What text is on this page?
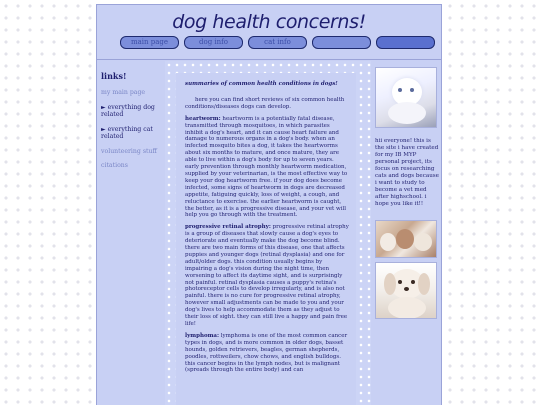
dog health concerns!
main page	dog info	cat info
links!
my main page
► everything dog related
► everything cat related
volunteering stuff
citations

summaries of common health conditions in dogs!

here you can find short reviews of six common health conditions/diseases dogs can develop.

heartworm: heartworm is a potentially fatal disease, transmitted through mosquitoes, in which parasites inhibit a dog's heart, and it can cause heart failure and damage to numerous organs in a dog's body. when an infected mosquito bites a dog, it takes the heartworms about six months to mature, and once mature, they are able to live within a dog's body for up to seven years. early prevention through monthly heartworm medication, supplied by your veterinarian, is the most effective way to keep your dog heartworm free. if your dog does become infected, some signs of heartworm in dogs are decreased appetite, fatiguing quickly, loss of weight, a cough, and reluctance to exercise. the earlier heartworm is caught, the better, as it is a progressive disease, and your vet will help you go through with the treatment.

progressive retinal atrophy: progressive retinal atrophy is a group of diseases that slowly cause a dog's eyes to deteriorate and eventually make the dog become blind. there are two main forms of this disease, one that affects puppies and younger dogs (retinal dysplasia) and one for adult/older dogs. this condition usually begins by impairing a dog's vision during the night time, then worsening to affect its daytime sight, and is surprisingly not painful. retinal dysplasia causes a puppy's retina's photoreceptor cells to develop irregularly, and is also not painful. there is no cure for progressive retinal atrophy, however small adjustments can be made to you and your dog's lives to help accommodate them as they adjust to their loss of sight. they can still live a happy and pain free life!

lymphoma: lymphoma is one of the most common cancer types in dogs, and is more common in older dogs, basset hounds, golden retrievers, beagles, german shepherds, poodles, rottweilers, chow chows, and english bulldogs. this cancer begins in the lymph nodes, but is malignant (spreads through the entire body) and can

hii everyone! this is the site i have created for my IB MYP personal project, its focus on researching cats and dogs because i want to study to become a vet med after highschool. i hope you like it!!
